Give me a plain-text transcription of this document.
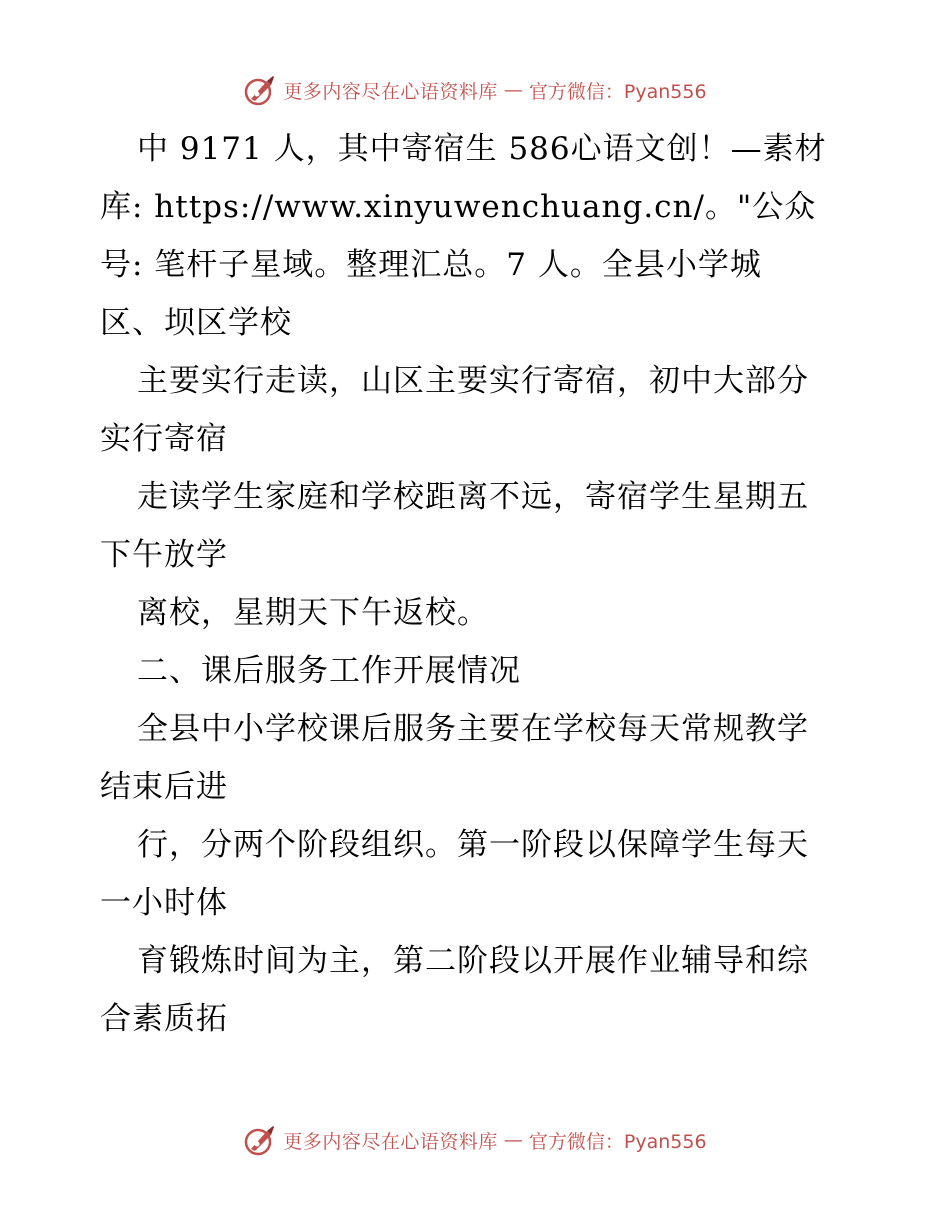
更多内容尽在心语资料库 — 官方微信：Pyan556
中 9171 人，其中寄宿生 586心语文创！—素材
库: https://www.xinyuwenchuang.cn/。"公众
号: 笔杆子星域。整理汇总。7 人。全县小学城
区、坝区学校
主要实行走读，山区主要实行寄宿，初中大部分
实行寄宿
走读学生家庭和学校距离不远，寄宿学生星期五
下午放学
离校，星期天下午返校。
二、课后服务工作开展情况
全县中小学校课后服务主要在学校每天常规教学
结束后进
行，分两个阶段组织。第一阶段以保障学生每天
一小时体
育锻炼时间为主，第二阶段以开展作业辅导和综
合素质拓
更多内容尽在心语资料库 — 官方微信：Pyan556
